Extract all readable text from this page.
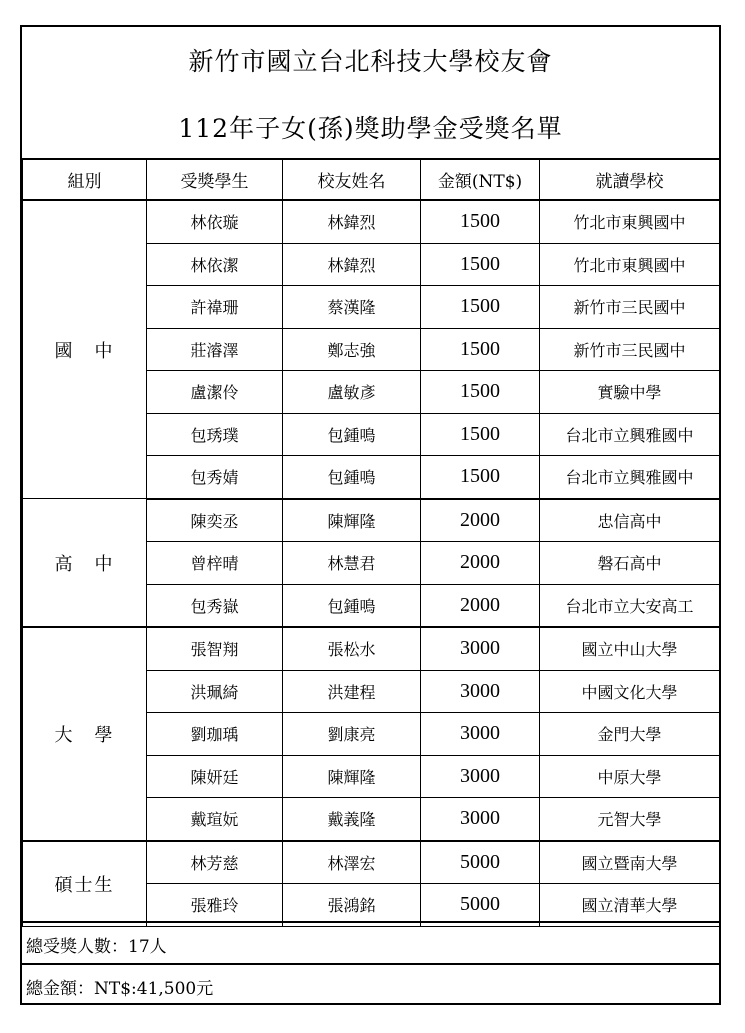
新竹市國立台北科技大學校友會
112年子女(孫)獎助學金受獎名單
組別	受獎學生	校友姓名	金額(NT$)	就讀學校
國　中	林依璇	林鍏烈	1500	竹北市東興國中
	林依潔	林鍏烈	1500	竹北市東興國中
	許禕珊	蔡漢隆	1500	新竹市三民國中
	莊濬澤	鄭志強	1500	新竹市三民國中
	盧潔伶	盧敏彥	1500	實驗中學
	包琇璞	包鍾鳴	1500	台北市立興雅國中
	包秀婧	包鍾鳴	1500	台北市立興雅國中
高　中	陳奕丞	陳輝隆	2000	忠信高中
	曾梓晴	林慧君	2000	磐石高中
	包秀嶽	包鍾鳴	2000	台北市立大安高工
大　學	張智翔	張松水	3000	國立中山大學
	洪珮綺	洪建程	3000	中國文化大學
	劉珈瑀	劉康亮	3000	金門大學
	陳妍廷	陳輝隆	3000	中原大學
	戴瑄妧	戴義隆	3000	元智大學
碩士生	林芳慈	林澤宏	5000	國立暨南大學
	張雅玲	張鴻銘	5000	國立清華大學
總受獎人數：17人
總金額：NT$:41,500元
